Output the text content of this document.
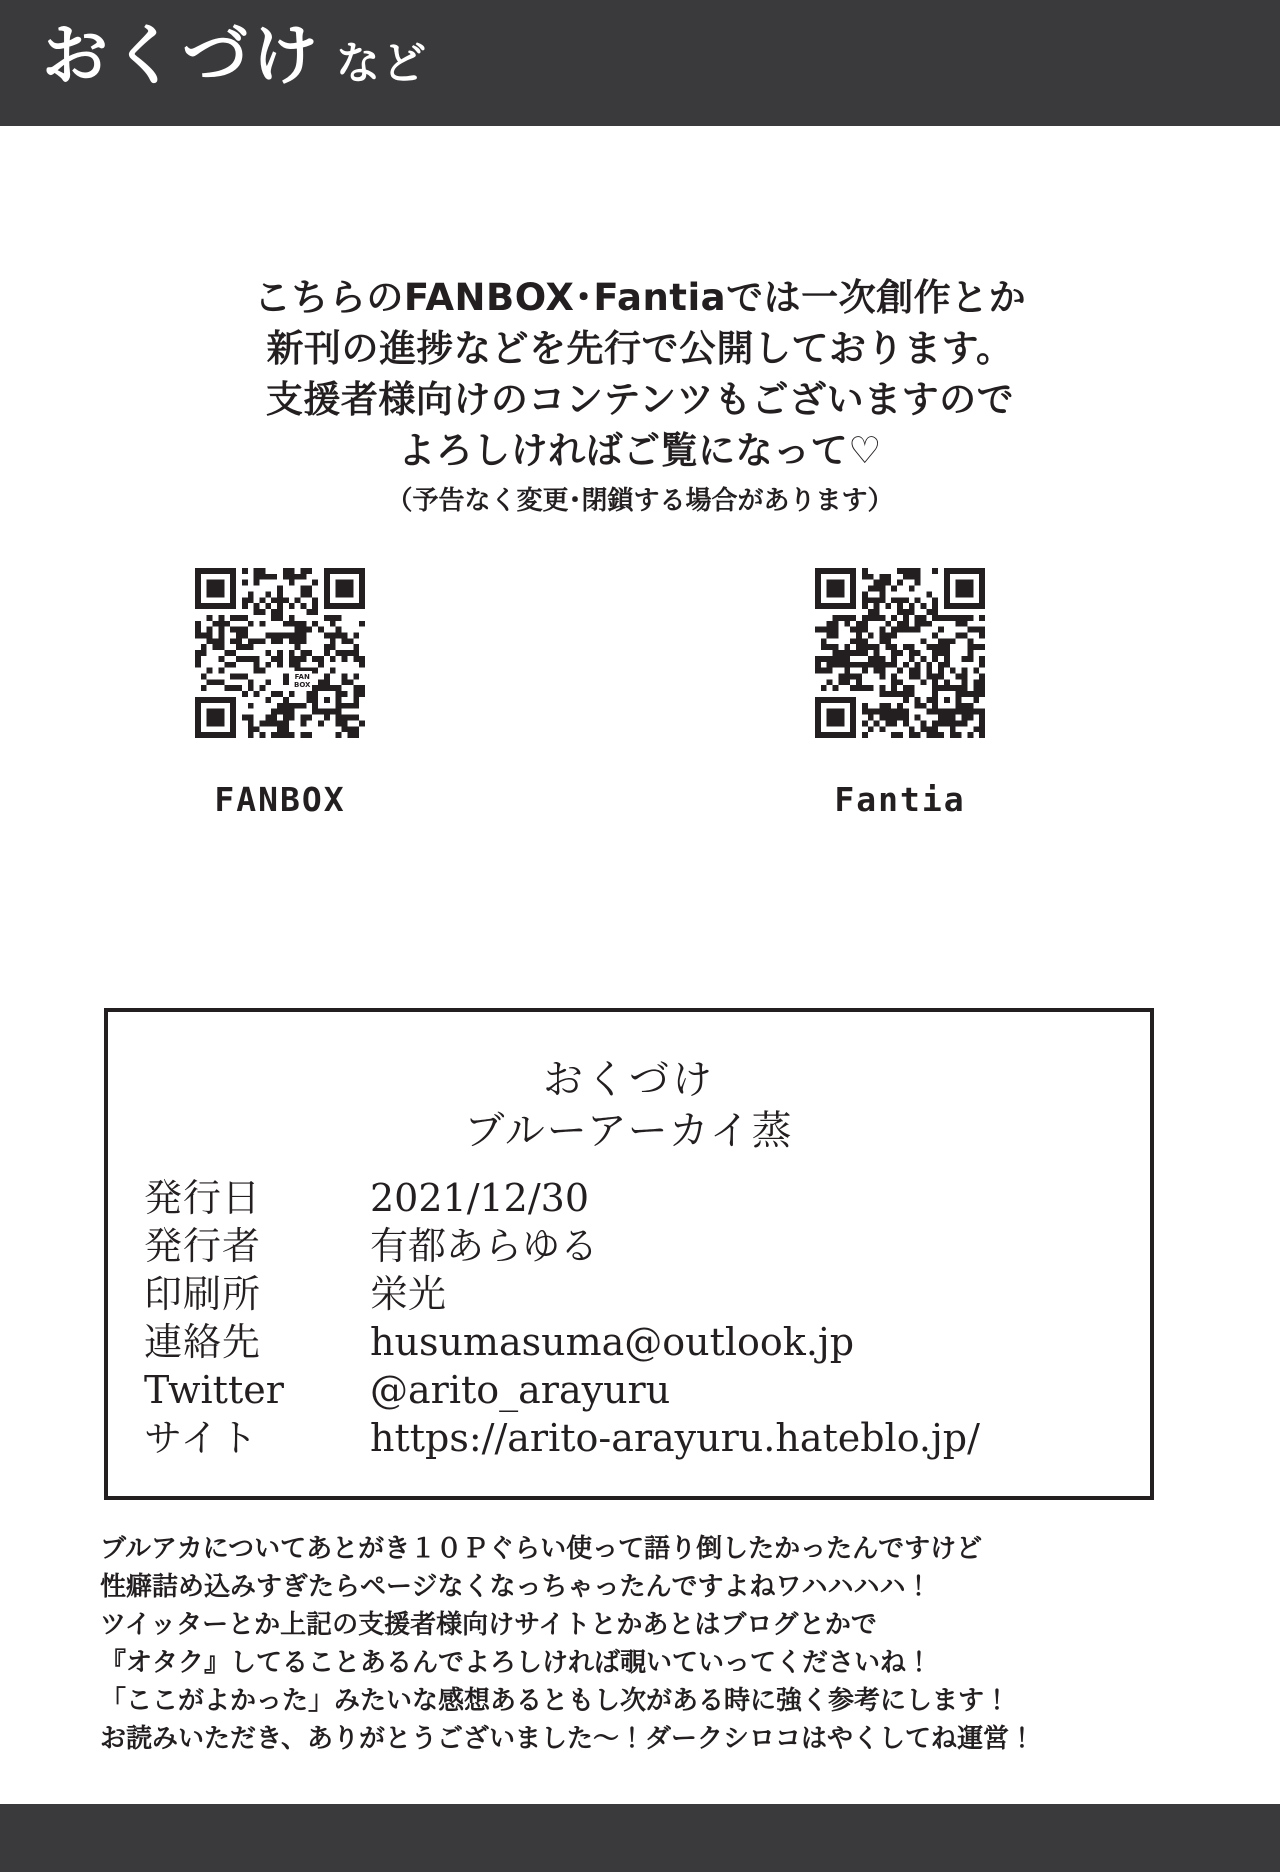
おくづけ など
こちらのFANBOX･Fantiaでは一次創作とか
新刊の進捗などを先行で公開しております。
支援者様向けのコンテンツもございますので
よろしければご覧になって♡
（予告なく変更･閉鎖する場合があります）
FAN
BOX
FANBOX	Fantia
おくづけ
ブルーアーカイ蒸
発行日	2021/12/30
発行者	有都あらゆる
印刷所	栄光
連絡先	husumasuma@outlook.jp
Twitter	@arito_arayuru
サイト	https://arito-arayuru.hateblo.jp/
ブルアカについてあとがき１０Ｐぐらい使って語り倒したかったんですけど
性癖詰め込みすぎたらページなくなっちゃったんですよねワハハハハ！
ツイッターとか上記の支援者様向けサイトとかあとはブログとかで
『オタク』してることあるんでよろしければ覗いていってくださいね！
「ここがよかった」みたいな感想あるともし次がある時に強く参考にします！
お読みいただき、ありがとうございました〜！ダークシロコはやくしてね運営！
